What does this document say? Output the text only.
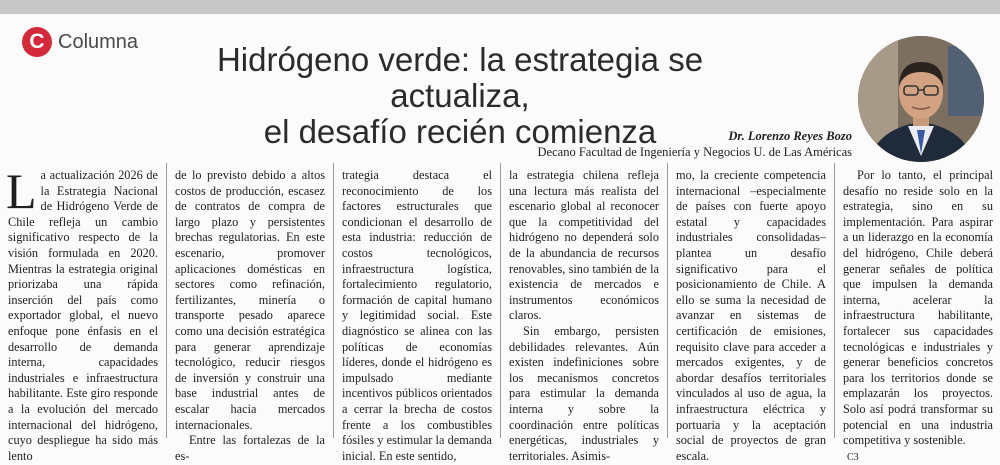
C Columna	Hidrógeno verde: la estrategia se actualiza,
el desafío recién comienza	Dr. Lorenzo Reyes Bozo
Decano Facultad de Ingeniería y Negocios U. de Las Américas

La actualización 2026 de la Estrategia Nacional de Hidrógeno Verde de Chile refleja un cambio significativo respecto de la visión formulada en 2020. Mientras la estrategia original priorizaba una rápida inserción del país como exportador global, el nuevo enfoque pone énfasis en el desarrollo de demanda interna, capacidades industriales e infraestructura habilitante. Este giro responde a la evolución del mercado internacional del hidrógeno, cuyo despliegue ha sido más lento

de lo previsto debido a altos costos de producción, escasez de contratos de compra de largo plazo y persistentes brechas regulatorias. En este escenario, promover aplicaciones domésticas en sectores como refinación, fertilizantes, minería o transporte pesado aparece como una decisión estratégica para generar aprendizaje tecnológico, reducir riesgos de inversión y construir una base industrial antes de escalar hacia mercados internacionales.
Entre las fortalezas de la es-

trategia destaca el reconocimiento de los factores estructurales que condicionan el desarrollo de esta industria: reducción de costos tecnológicos, infraestructura logística, fortalecimiento regulatorio, formación de capital humano y legitimidad social. Este diagnóstico se alinea con las políticas de economías líderes, donde el hidrógeno es impulsado mediante incentivos públicos orientados a cerrar la brecha de costos frente a los combustibles fósiles y estimular la demanda inicial. En este sentido,

la estrategia chilena refleja una lectura más realista del escenario global al reconocer que la competitividad del hidrógeno no dependerá solo de la abundancia de recursos renovables, sino también de la existencia de mercados e instrumentos económicos claros.
Sin embargo, persisten debilidades relevantes. Aún existen indefiniciones sobre los mecanismos concretos para estimular la demanda interna y sobre la coordinación entre políticas energéticas, industriales y territoriales. Asimis-

mo, la creciente competencia internacional –especialmente de países con fuerte apoyo estatal y capacidades industriales consolidadas– plantea un desafío significativo para el posicionamiento de Chile. A ello se suma la necesidad de avanzar en sistemas de certificación de emisiones, requisito clave para acceder a mercados exigentes, y de abordar desafíos territoriales vinculados al uso de agua, la infraestructura eléctrica y portuaria y la aceptación social de proyectos de gran escala.

Por lo tanto, el principal desafío no reside solo en la estrategia, sino en su implementación. Para aspirar a un liderazgo en la economía del hidrógeno, Chile deberá generar señales de política que impulsen la demanda interna, acelerar la infraestructura habilitante, fortalecer sus capacidades tecnológicas e industriales y generar beneficios concretos para los territorios donde se emplazarán los proyectos. Solo así podrá transformar su potencial en una industria competitiva y sostenible.
C3
